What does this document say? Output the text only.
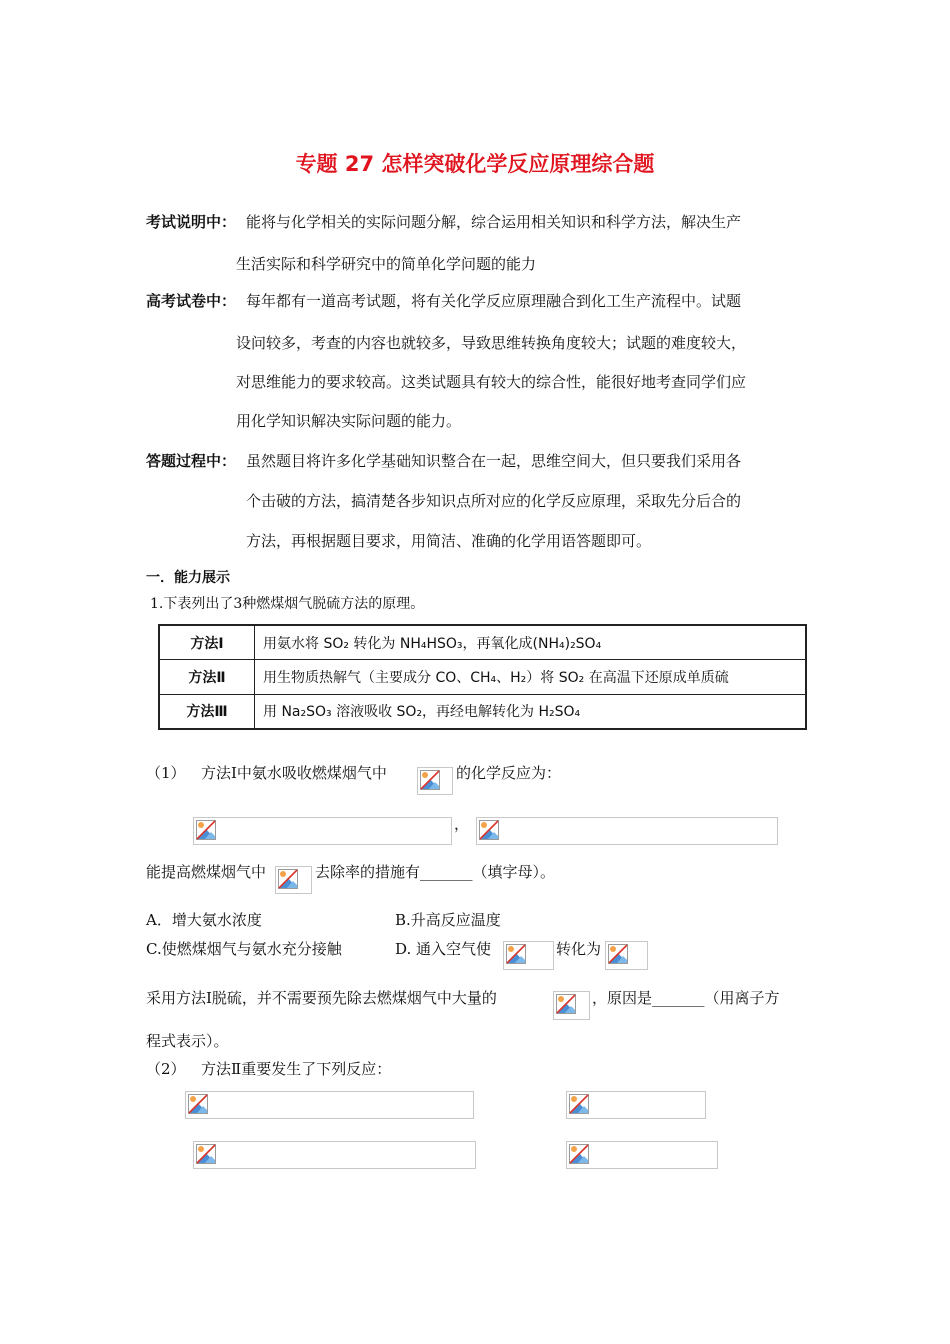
专题 27 怎样突破化学反应原理综合题
考试说明中： 能将与化学相关的实际问题分解，综合运用相关知识和科学方法，解决生产
生活实际和科学研究中的简单化学问题的能力
高考试卷中： 每年都有一道高考试题，将有关化学反应原理融合到化工生产流程中。试题
设问较多，考查的内容也就较多，导致思维转换角度较大；试题的难度较大，
对思维能力的要求较高。这类试题具有较大的综合性，能很好地考查同学们应
用化学知识解决实际问题的能力。
答题过程中： 虽然题目将许多化学基础知识整合在一起，思维空间大，但只要我们采用各
个击破的方法，搞清楚各步知识点所对应的化学反应原理，采取先分后合的
方法，再根据题目要求，用简洁、准确的化学用语答题即可。
一．能力展示
1.下表列出了3种燃煤烟气脱硫方法的原理。
方法Ⅰ	用氨水将 SO₂ 转化为 NH₄HSO₃，再氧化成(NH₄)₂SO₄
方法Ⅱ	用生物质热解气（主要成分 CO、CH₄、H₂）将 SO₂ 在高温下还原成单质硫
方法Ⅲ	用 Na₂SO₃ 溶液吸收 SO₂，再经电解转化为 H₂SO₄
（1） 方法Ⅰ中氨水吸收燃煤烟气中	的化学反应为：
，
能提高燃煤烟气中	去除率的措施有_______（填字母）。
A．增大氨水浓度	B.升高反应温度
C.使燃煤烟气与氨水充分接触	D. 通入空气使	转化为
采用方法Ⅰ脱硫，并不需要预先除去燃煤烟气中大量的	，原因是_______（用离子方
程式表示）。
（2） 方法Ⅱ重要发生了下列反应：
